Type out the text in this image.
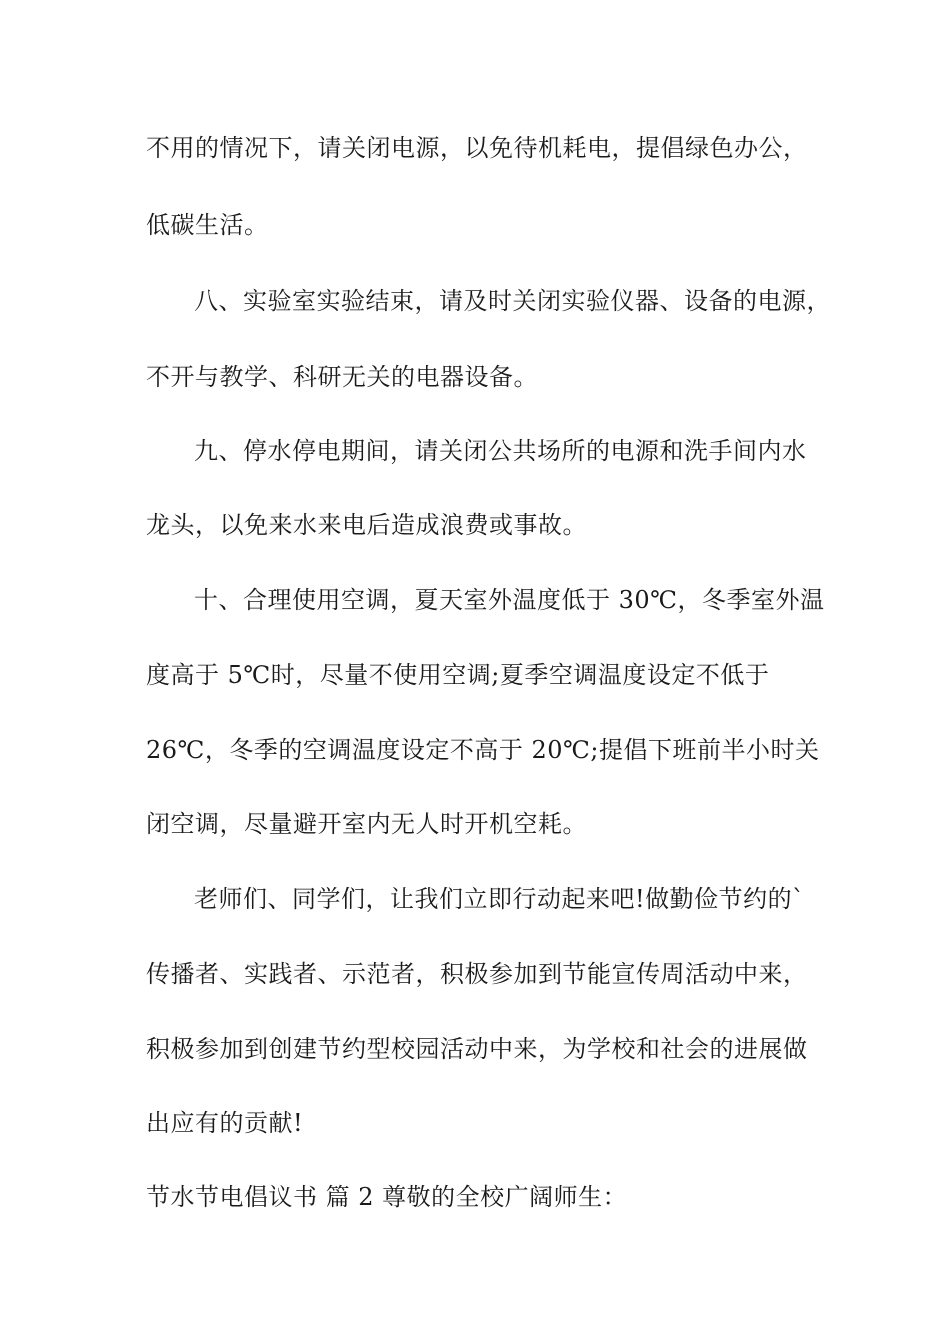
不用的情况下，请关闭电源，以免待机耗电，提倡绿色办公，
低碳生活。
八、实验室实验结束，请及时关闭实验仪器、设备的电源，
不开与教学、科研无关的电器设备。
九、停水停电期间，请关闭公共场所的电源和洗手间内水
龙头，以免来水来电后造成浪费或事故。
十、合理使用空调，夏天室外温度低于 30℃，冬季室外温
度高于 5℃时，尽量不使用空调;夏季空调温度设定不低于
26℃，冬季的空调温度设定不高于 20℃;提倡下班前半小时关
闭空调，尽量避开室内无人时开机空耗。
老师们、同学们，让我们立即行动起来吧!做勤俭节约的`
传播者、实践者、示范者，积极参加到节能宣传周活动中来，
积极参加到创建节约型校园活动中来，为学校和社会的进展做
出应有的贡献!
节水节电倡议书 篇 2 尊敬的全校广阔师生：
